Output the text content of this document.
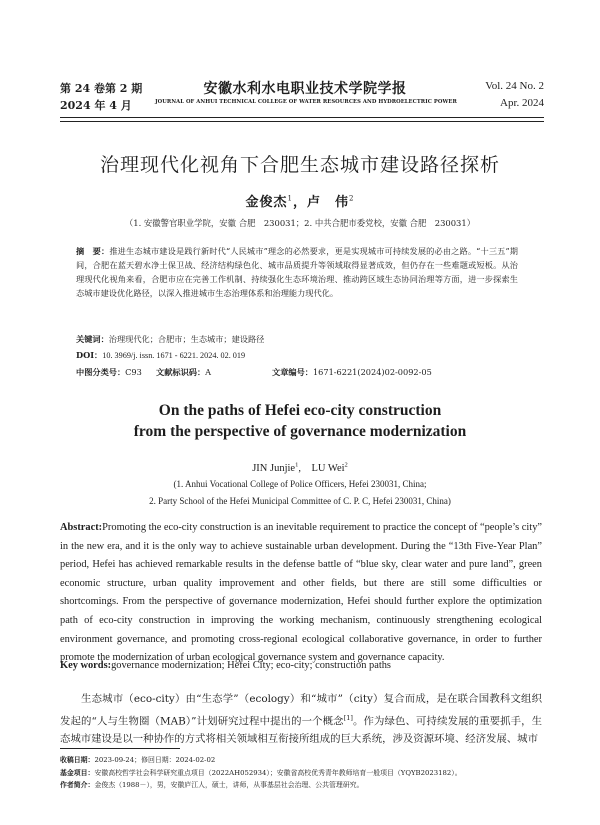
第 24 卷第 2 期
2024 年 4 月
安徽水利水电职业技术学院学报
JOURNAL OF ANHUI TECHNICAL COLLEGE OF WATER RESOURCES AND HYDROELECTRIC POWER
Vol. 24 No. 2
Apr. 2024
治理现代化视角下合肥生态城市建设路径探析
金俊杰$^1$，卢　伟$^2$
（1. 安徽警官职业学院，安徽 合肥　230031；2. 中共合肥市委党校，安徽 合肥　230031）
摘　要：推进生态城市建设是践行新时代“人民城市”理念的必然要求，更是实现城市可持续发展的必由之路。“十三五”期间，合肥在蓝天碧水净土保卫战、经济结构绿色化、城市品质提升等领域取得显著成效，但仍存在一些难题或短板。从治理现代化视角来看，合肥市应在完善工作机制、持续强化生态环境治理、推动跨区域生态协同治理等方面，进一步探索生态城市建设优化路径，以深入推进城市生态治理体系和治理能力现代化。
关键词：治理现代化；合肥市；生态城市；建设路径
DOI：10. 3969/j. issn. 1671 - 6221. 2024. 02. 019
中图分类号：C93 文献标识码：A	文章编号：1671-6221(2024)02-0092-05
On the paths of Hefei eco-city construction
from the perspective of governance modernization
JIN Junjie$^1$,　LU Wei$^2$
(1. Anhui Vocational College of Police Officers, Hefei 230031, China;
2. Party School of the Hefei Municipal Committee of C. P. C, Hefei 230031, China)
Abstract:Promoting the eco-city construction is an inevitable requirement to practice the concept of “people’s city” in the new era, and it is the only way to achieve sustainable urban development. During the “13th Five-Year Plan” period, Hefei has achieved remarkable results in the defense battle of “blue sky, clear water and pure land”, green economic structure, urban quality improvement and other fields, but there are still some difficulties or shortcomings. From the perspective of governance modernization, Hefei should further explore the optimization path of eco-city construction in improving the working mechanism, continuously strengthening ecological environment governance, and promoting cross-regional ecological collaborative governance, in order to further promote the modernization of urban ecological governance system and governance capacity.
Key words:governance modernization; Hefei City; eco-city; construction paths
生态城市（eco-city）由“生态学”（ecology）和“城市”（city）复合而成，是在联合国教科文组织发起的“人与生物圈（MAB）”计划研究过程中提出的一个概念[1]。作为绿色、可持续发展的重要抓手，生态城市建设是以一种协作的方式将相关领域相互衔接所组成的巨大系统，涉及资源环境、经济发展、城市
收稿日期：2023-09-24；修回日期：2024-02-02
基金项目：安徽高校哲学社会科学研究重点项目（2022AH052934）；安徽省高校优秀青年教师培育一般项目（YQYB2023182）。
作者简介：金俊杰（1988－），男，安徽庐江人，硕士，讲师，从事基层社会治理、公共管理研究。
